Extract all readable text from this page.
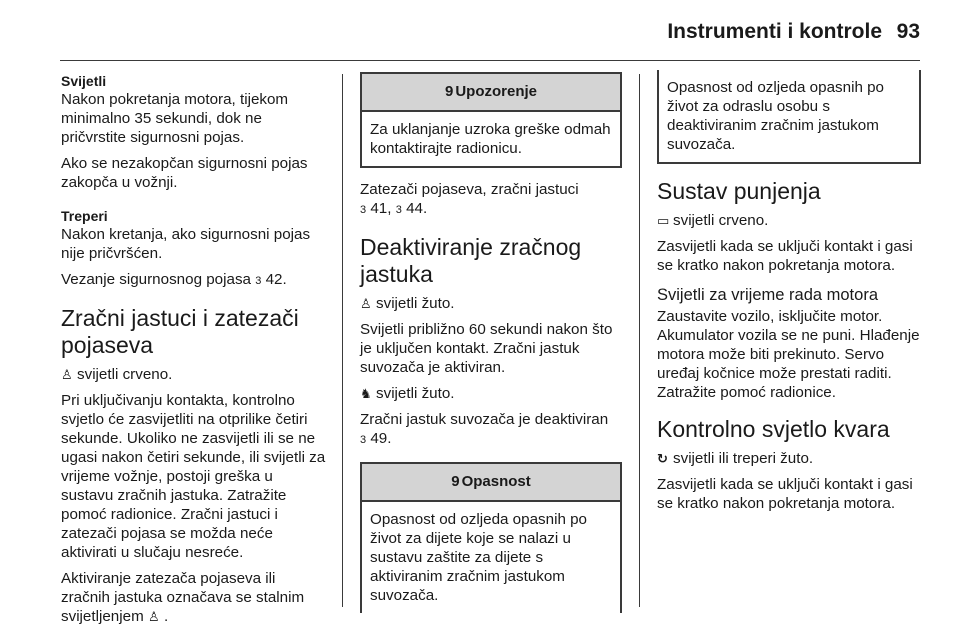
Instrumenti i kontrole 93
Svijetli

Nakon pokretanja motora, tijekom minimalno 35 sekundi, dok ne pričvrstite sigurnosni pojas.

Ako se nezakopčan sigurnosni pojas zakopča u vožnji.

Treperi

Nakon kretanja, ako sigurnosni pojas nije pričvršćen.

Vezanje sigurnosnog pojasa 3 42.

Zračni jastuci i zatezači pojaseva

♙ svijetli crveno.

Pri uključivanju kontakta, kontrolno svjetlo će zasvijetliti na otprilike četiri sekunde. Ukoliko ne zasvijetli ili se ne ugasi nakon četiri sekunde, ili svijetli za vrijeme vožnje, postoji greška u sustavu zračnih jastuka. Zatražite pomoć radionice. Zračni jastuci i zatezači pojasa se možda neće aktivirati u slučaju nesreće.

Aktiviranje zatezača pojaseva ili zračnih jastuka označava se stalnim svijetljenjem ♙ .

9 Upozorenje
Za uklanjanje uzroka greške odmah kontaktirajte radionicu.

Zatezači pojaseva, zračni jastuci
3 41, 3 44.

Deaktiviranje zračnog jastuka

♙ svijetli žuto.

Svijetli približno 60 sekundi nakon što je uključen kontakt. Zračni jastuk suvozača je aktiviran.

♞ svijetli žuto.

Zračni jastuk suvozača je deaktiviran
3 49.

9 Opasnost
Opasnost od ozljeda opasnih po život za dijete koje se nalazi u sustavu zaštite za dijete s aktiviranim zračnim jastukom suvozača.
Opasnost od ozljeda opasnih po život za odraslu osobu s deaktiviranim zračnim jastukom suvozača.
Sustav punjenja

▭ svijetli crveno.

Zasvijetli kada se uključi kontakt i gasi se kratko nakon pokretanja motora.

Svijetli za vrijeme rada motora

Zaustavite vozilo, isključite motor. Akumulator vozila se ne puni. Hlađenje motora može biti prekinuto. Servo uređaj kočnice može prestati raditi. Zatražite pomoć radionice.

Kontrolno svjetlo kvara

↻ svijetli ili treperi žuto.

Zasvijetli kada se uključi kontakt i gasi se kratko nakon pokretanja motora.
